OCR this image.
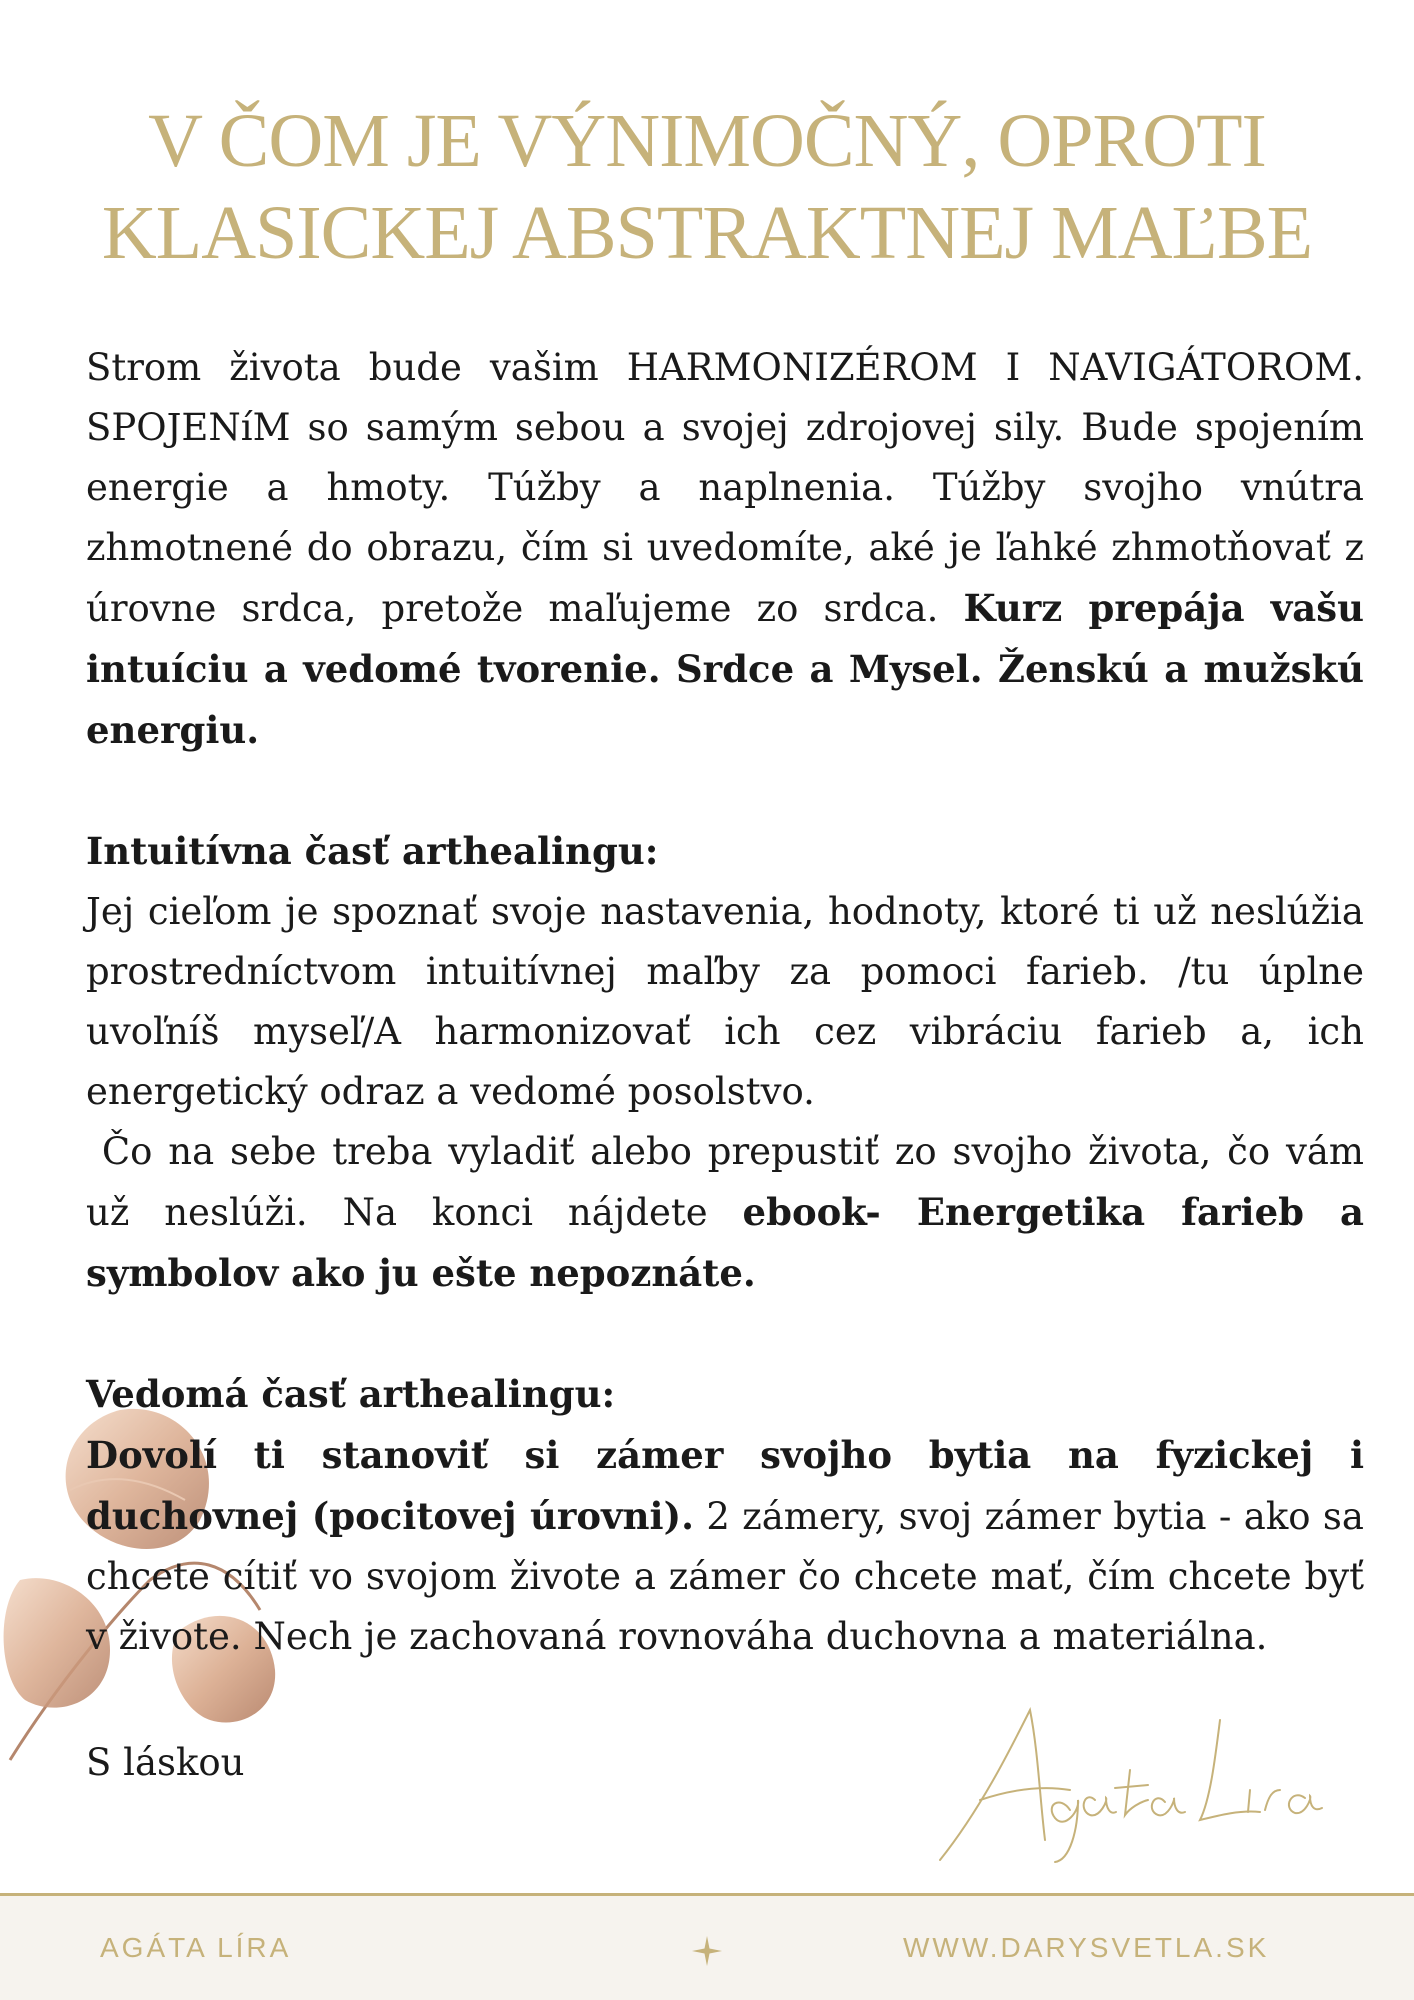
V ČOM JE VÝNIMOČNÝ, OPROTI
KLASICKEJ ABSTRAKTNEJ MAĽBE

Strom života bude vašim HARMONIZÉROM I NAVIGÁTOROM. SPOJENíM so samým sebou a svojej zdrojovej sily. Bude spojením energie a hmoty. Túžby a naplnenia. Túžby svojho vnútra zhmotnené do obrazu, čím si uvedomíte, aké je ľahké zhmotňovať z úrovne srdca, pretože maľujeme zo srdca. Kurz prepája vašu intuíciu a vedomé tvorenie. Srdce a Mysel. Ženskú a mužskú energiu.

Intuitívna časť arthealingu:

Jej cieľom je spoznať svoje nastavenia, hodnoty, ktoré ti už neslúžia prostredníctvom intuitívnej maľby za pomoci farieb. /tu úplne uvoľníš myseľ/A harmonizovať ich cez vibráciu farieb a, ich energetický odraz a vedomé posolstvo.

Čo na sebe treba vyladiť alebo prepustiť zo svojho života, čo vám už neslúži. Na konci nájdete ebook- Energetika farieb a symbolov ako ju ešte nepoznáte.

Vedomá časť arthealingu:

Dovolí ti stanoviť si zámer svojho bytia na fyzickej i duchovnej (pocitovej úrovni). 2 zámery, svoj zámer bytia - ako sa chcete cítiť vo svojom živote a zámer čo chcete mať, čím chcete byť v živote. Nech je zachovaná rovnováha duchovna a materiálna.

S láskou
AGÁTA LÍRA	WWW.DARYSVETLA.SK
